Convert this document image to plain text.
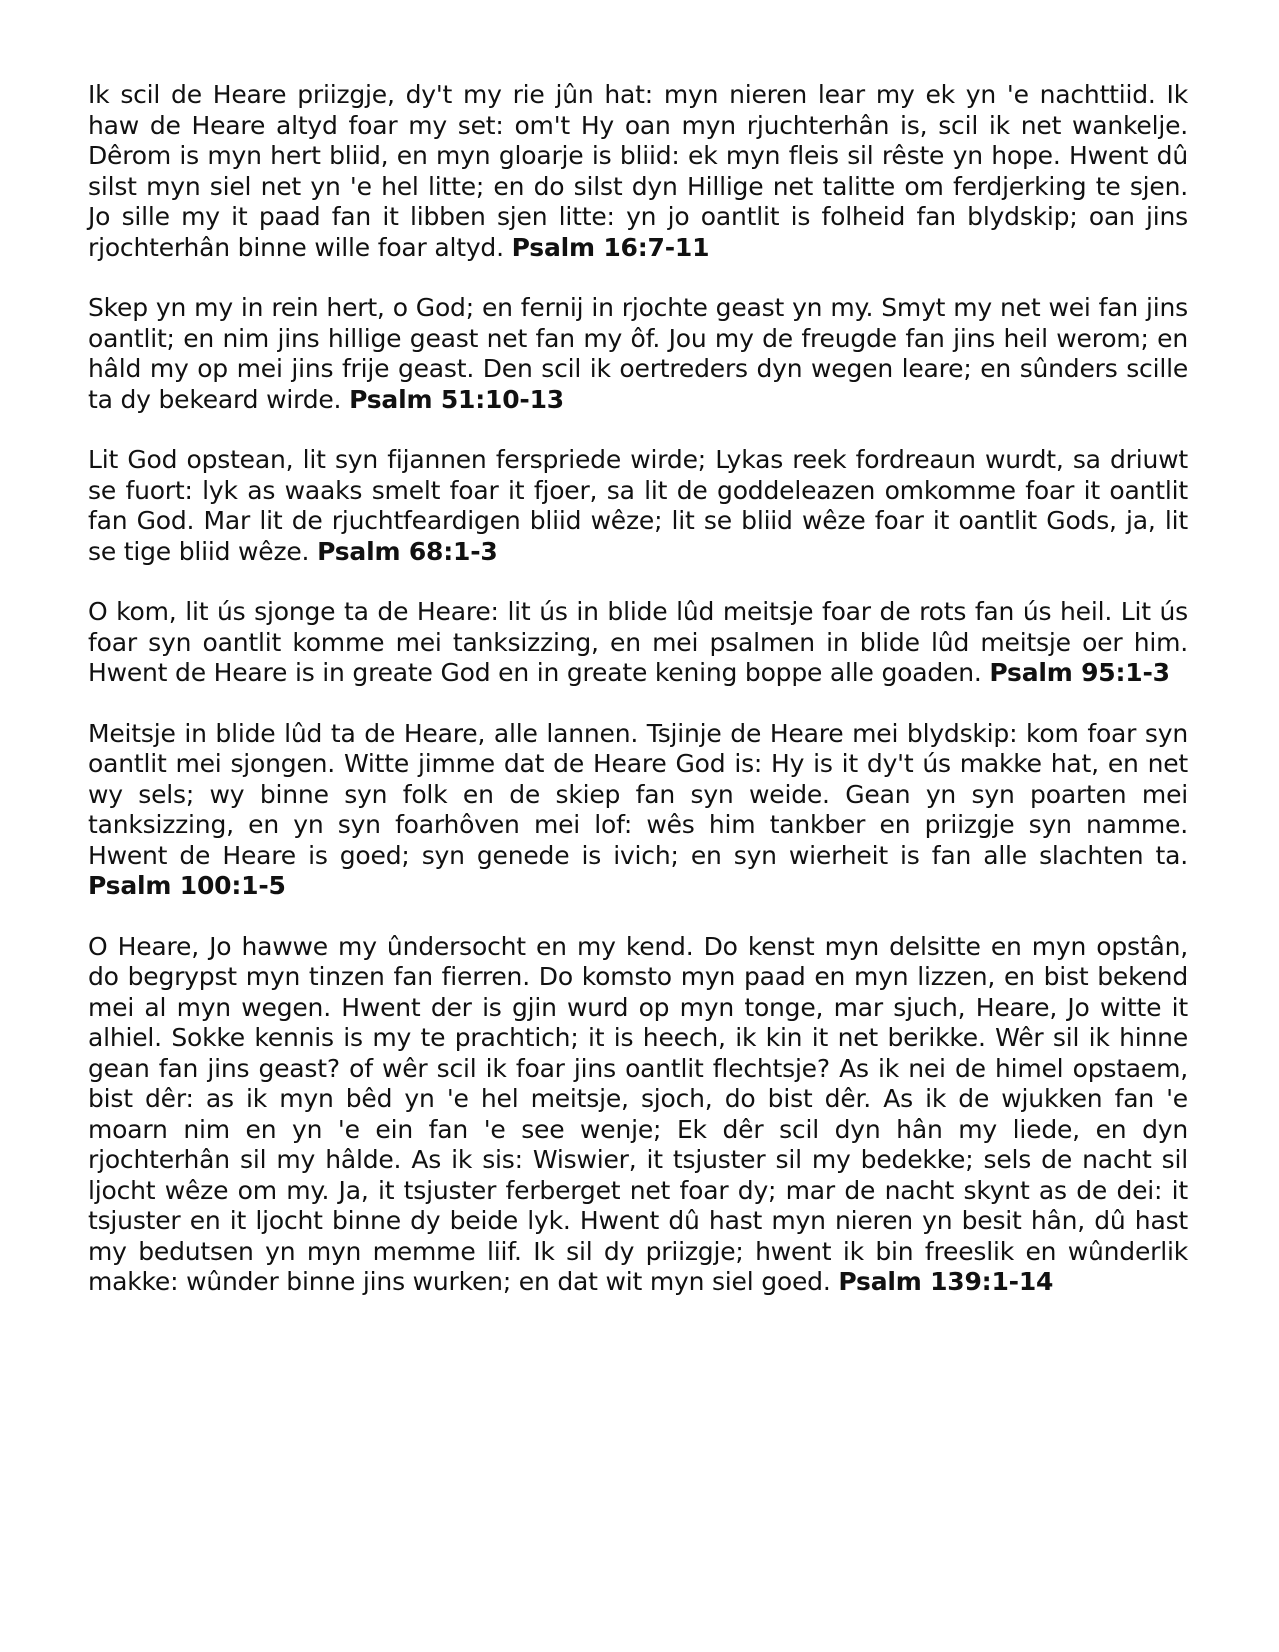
Ik scil de Heare priizgje, dy't my rie jûn hat: myn nieren lear my ek yn 'e nachttiid. Ik haw de Heare altyd foar my set: om't Hy oan myn rjuchterhân is, scil ik net wankelje. Dêrom is myn hert bliid, en myn gloarje is bliid: ek myn fleis sil rêste yn hope. Hwent dû silst myn siel net yn 'e hel litte; en do silst dyn Hillige net talitte om ferdjerking te sjen. Jo sille my it paad fan it libben sjen litte: yn jo oantlit is folheid fan blydskip; oan jins rjochterhân binne wille foar altyd. Psalm 16:7-11

Skep yn my in rein hert, o God; en fernij in rjochte geast yn my. Smyt my net wei fan jins oantlit; en nim jins hillige geast net fan my ôf. Jou my de freugde fan jins heil werom; en hâld my op mei jins frije geast. Den scil ik oertreders dyn wegen leare; en sûnders scille ta dy bekeard wirde. Psalm 51:10-13

Lit God opstean, lit syn fijannen ferspriede wirde; Lykas reek fordreaun wurdt, sa driuwt se fuort: lyk as waaks smelt foar it fjoer, sa lit de goddeleazen omkomme foar it oantlit fan God. Mar lit de rjuchtfeardigen bliid wêze; lit se bliid wêze foar it oantlit Gods, ja, lit se tige bliid wêze. Psalm 68:1-3

O kom, lit ús sjonge ta de Heare: lit ús in blide lûd meitsje foar de rots fan ús heil. Lit ús foar syn oantlit komme mei tanksizzing, en mei psalmen in blide lûd meitsje oer him. Hwent de Heare is in greate God en in greate kening boppe alle goaden. Psalm 95:1-3

Meitsje in blide lûd ta de Heare, alle lannen. Tsjinje de Heare mei blydskip: kom foar syn oantlit mei sjongen. Witte jimme dat de Heare God is: Hy is it dy't ús makke hat, en net wy sels; wy binne syn folk en de skiep fan syn weide. Gean yn syn poarten mei tanksizzing, en yn syn foarhôven mei lof: wês him tankber en priizgje syn namme. Hwent de Heare is goed; syn genede is ivich; en syn wierheit is fan alle slachten ta. Psalm 100:1-5

O Heare, Jo hawwe my ûndersocht en my kend. Do kenst myn delsitte en myn opstân, do begrypst myn tinzen fan fierren. Do komsto myn paad en myn lizzen, en bist bekend mei al myn wegen. Hwent der is gjin wurd op myn tonge, mar sjuch, Heare, Jo witte it alhiel. Sokke kennis is my te prachtich; it is heech, ik kin it net berikke. Wêr sil ik hinne gean fan jins geast? of wêr scil ik foar jins oantlit flechtsje? As ik nei de himel opstaem, bist dêr: as ik myn bêd yn 'e hel meitsje, sjoch, do bist dêr. As ik de wjukken fan 'e moarn nim en yn 'e ein fan 'e see wenje; Ek dêr scil dyn hân my liede, en dyn rjochterhân sil my hâlde. As ik sis: Wiswier, it tsjuster sil my bedekke; sels de nacht sil ljocht wêze om my. Ja, it tsjuster ferberget net foar dy; mar de nacht skynt as de dei: it tsjuster en it ljocht binne dy beide lyk. Hwent dû hast myn nieren yn besit hân, dû hast my bedutsen yn myn memme liif. Ik sil dy priizgje; hwent ik bin freeslik en wûnderlik makke: wûnder binne jins wurken; en dat wit myn siel goed. Psalm 139:1-14
